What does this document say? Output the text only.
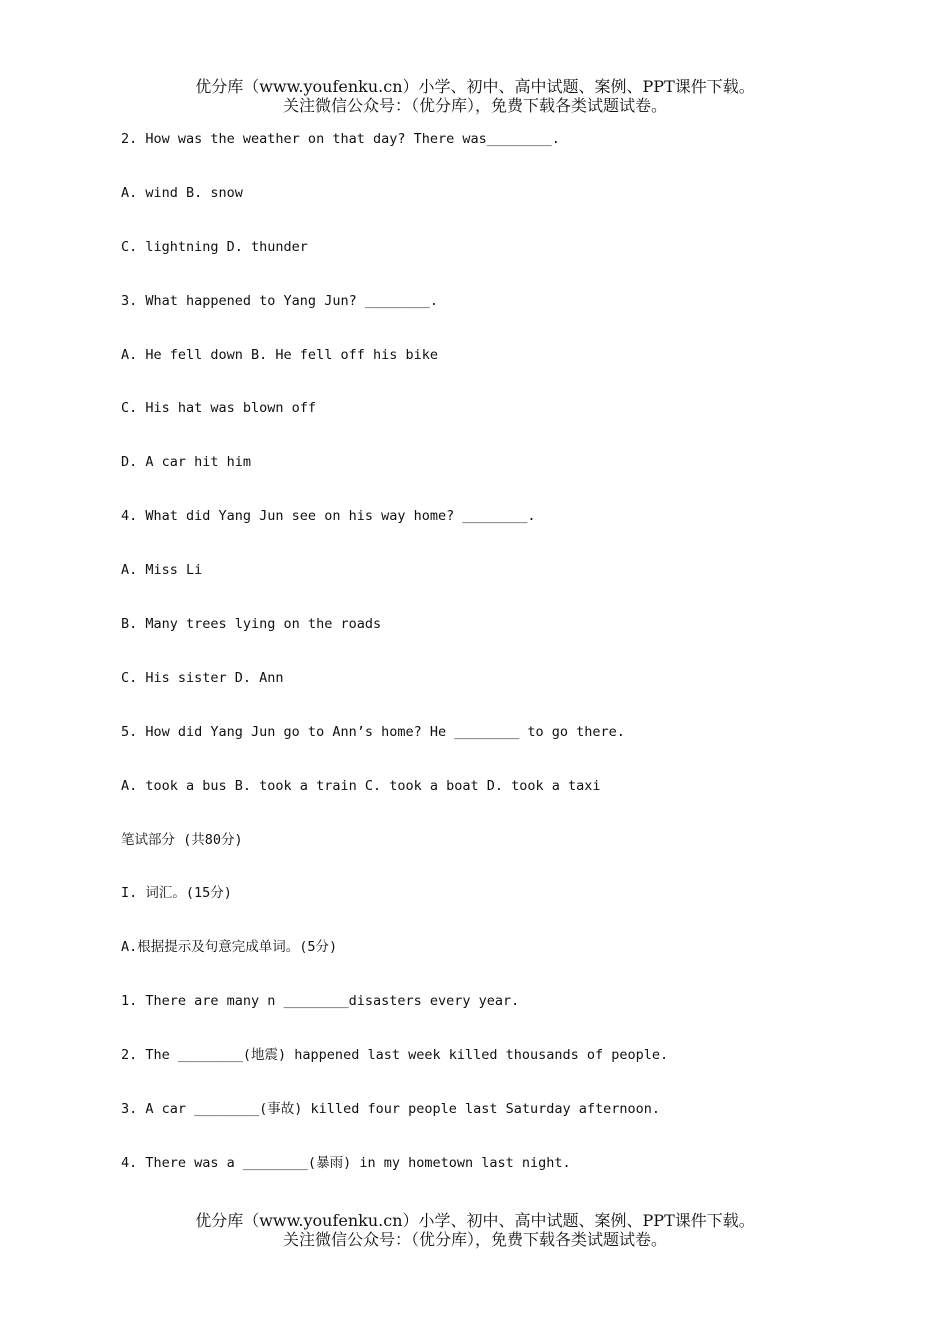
优分库（www.youfenku.cn）小学、初中、高中试题、案例、PPT课件下载。
关注微信公众号：（优分库），免费下载各类试题试卷。
2. How was the weather on that day? There was________.
A. wind B. snow
C. lightning D. thunder
3. What happened to Yang Jun? ________.
A. He fell down B. He fell off his bike
C. His hat was blown off
D. A car hit him
4. What did Yang Jun see on his way home? ________.
A. Miss Li
B. Many trees lying on the roads
C. His sister D. Ann
5. How did Yang Jun go to Ann’s home? He ________ to go there.
A. took a bus B. took a train C. took a boat D. took a taxi
笔试部分 (共80分)
I. 词汇。(15分)
A.根据提示及句意完成单词。(5分)
1. There are many n ________disasters every year.
2. The ________(地震) happened last week killed thousands of people.
3. A car ________(事故) killed four people last Saturday afternoon.
4. There was a ________(暴雨) in my hometown last night.
优分库（www.youfenku.cn）小学、初中、高中试题、案例、PPT课件下载。
关注微信公众号：（优分库），免费下载各类试题试卷。
